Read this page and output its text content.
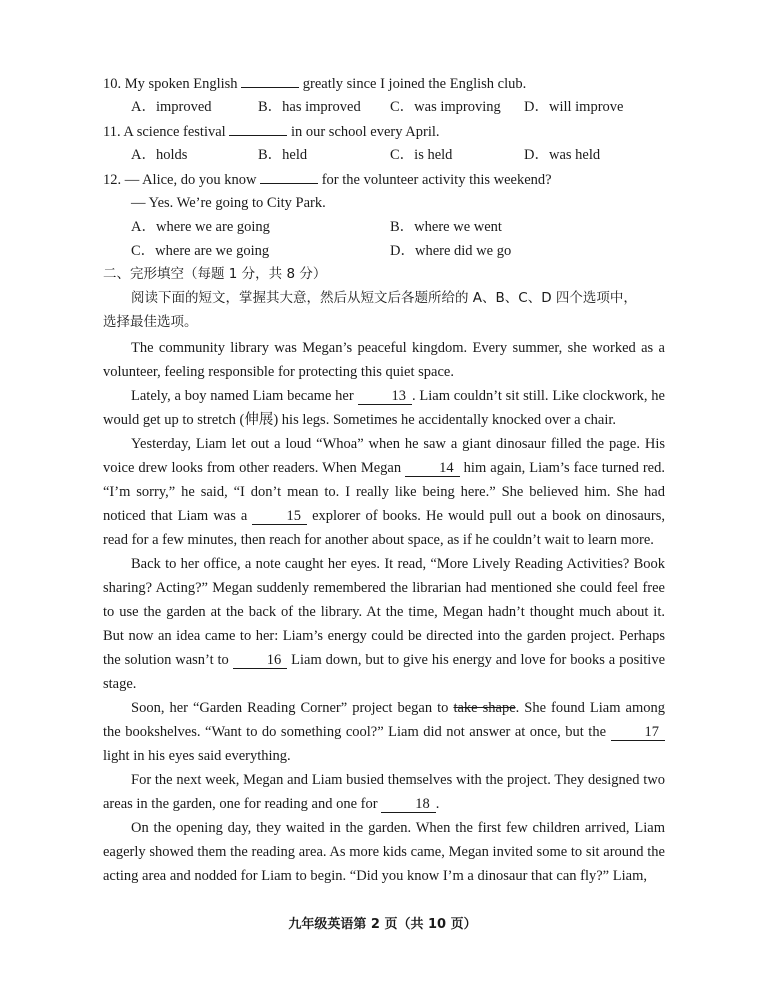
10. My spoken English	greatly since I joined the English club.
A．improved	B．has improved C．was improving D．will improve
11. A science festival	in our school every April.
A．holds	B．held	C．is held	D．was held
12. — Alice, do you know	for the volunteer activity this weekend?
— Yes. We’re going to City Park.
A．where we are going	B．where we went
C．where are we going	D．where did we go
二、完形填空（每题 1 分，共 8 分）
阅读下面的短文，掌握其大意，然后从短文后各题所给的 A、B、C、D 四个选项中，
选择最佳选项。

The community library was Megan’s peaceful kingdom. Every summer, she worked as a volunteer, feeling responsible for protecting this quiet space.

Lately, a boy named Liam became her	13 . Liam couldn’t sit still. Like clockwork, he would get up to stretch (伸展) his legs. Sometimes he accidentally knocked over a chair.

Yesterday, Liam let out a loud “Whoa” when he saw a giant dinosaur filled the page. His voice drew looks from other readers. When Megan	14 him again, Liam’s face turned red. “I’m sorry,” he said, “I don’t mean to. I really like being here.” She believed him. She had noticed that Liam was a	15 explorer of books. He would pull out a book on dinosaurs, read for a few minutes, then reach for another about space, as if he couldn’t wait to learn more.

Back to her office, a note caught her eyes. It read, “More Lively Reading Activities? Book sharing? Acting?” Megan suddenly remembered the librarian had mentioned she could feel free to use the garden at the back of the library. At the time, Megan hadn’t thought much about it. But now an idea came to her: Liam’s energy could be directed into the garden project. Perhaps the solution wasn’t to	16 Liam down, but to give his energy and love for books a positive stage.

Soon, her “Garden Reading Corner” project began to take shape. She found Liam among the bookshelves. “Want to do something cool?” Liam did not answer at once, but the	17 light in his eyes said everything.

For the next week, Megan and Liam busied themselves with the project. They designed two areas in the garden, one for reading and one for	18 .

On the opening day, they waited in the garden. When the first few children arrived, Liam eagerly showed them the reading area. As more kids came, Megan invited some to sit around the acting area and nodded for Liam to begin. “Did you know I’m a dinosaur that can fly?” Liam,

九年级英语第 2 页（共 10 页）
